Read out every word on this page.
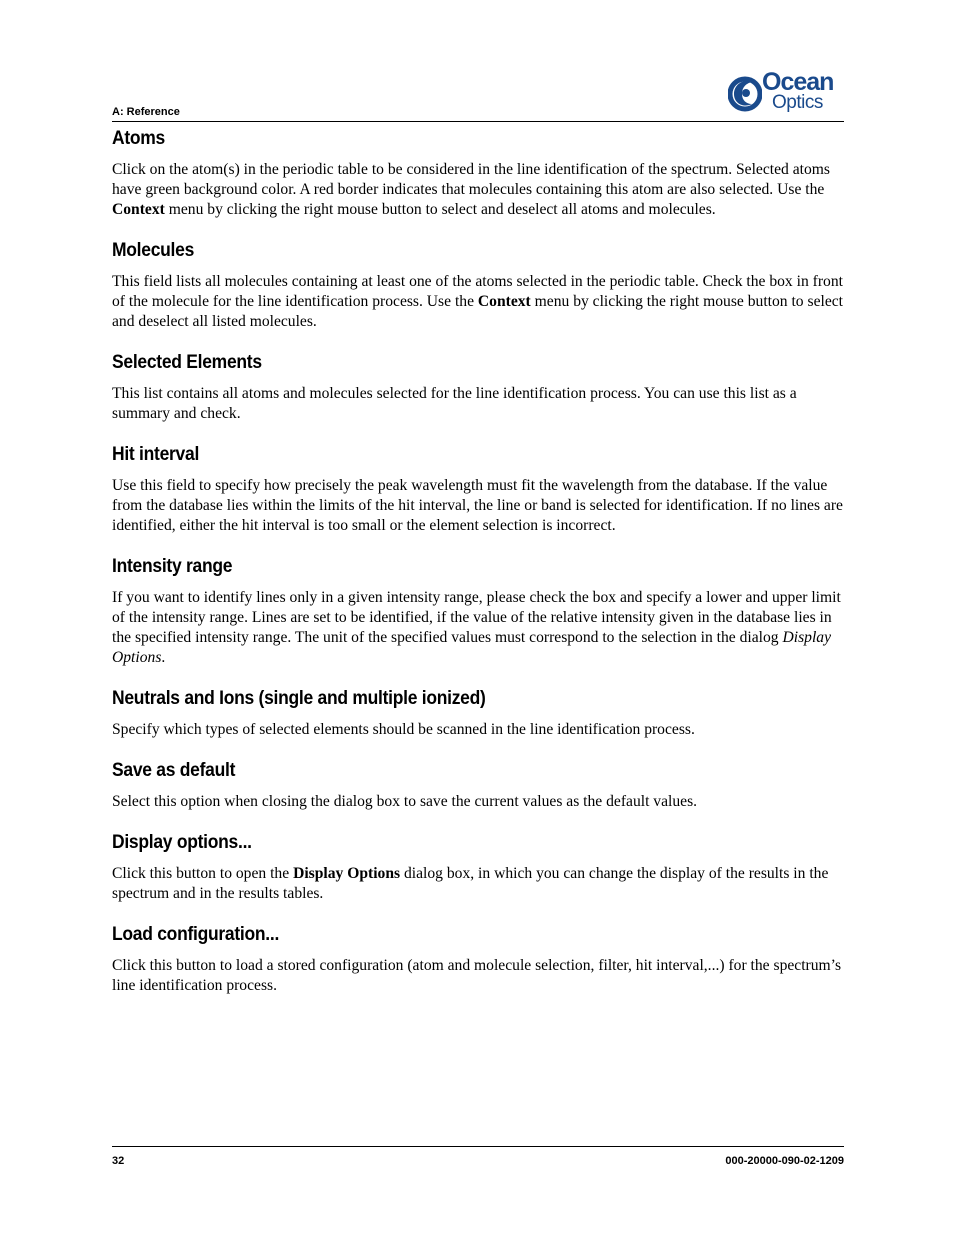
A: Reference
Ocean
Optics
Atoms

Click on the atom(s) in the periodic table to be considered in the line identification of the spectrum. Selected atoms have green background color. A red border indicates that molecules containing this atom are also selected. Use the Context menu by clicking the right mouse button to select and deselect all atoms and molecules.

Molecules

This field lists all molecules containing at least one of the atoms selected in the periodic table. Check the box in front of the molecule for the line identification process. Use the Context menu by clicking the right mouse button to select and deselect all listed molecules.

Selected Elements

This list contains all atoms and molecules selected for the line identification process. You can use this list as a summary and check.

Hit interval

Use this field to specify how precisely the peak wavelength must fit the wavelength from the database. If the value from the database lies within the limits of the hit interval, the line or band is selected for identification. If no lines are identified, either the hit interval is too small or the element selection is incorrect.

Intensity range

If you want to identify lines only in a given intensity range, please check the box and specify a lower and upper limit of the intensity range. Lines are set to be identified, if the value of the relative intensity given in the database lies in the specified intensity range. The unit of the specified values must correspond to the selection in the dialog Display Options.

Neutrals and Ions (single and multiple ionized)

Specify which types of selected elements should be scanned in the line identification process.

Save as default

Select this option when closing the dialog box to save the current values as the default values.

Display options...

Click this button to open the Display Options dialog box, in which you can change the display of the results in the spectrum and in the results tables.

Load configuration...

Click this button to load a stored configuration (atom and molecule selection, filter, hit interval,...) for the spectrum’s line identification process.

32	000-20000-090-02-1209
